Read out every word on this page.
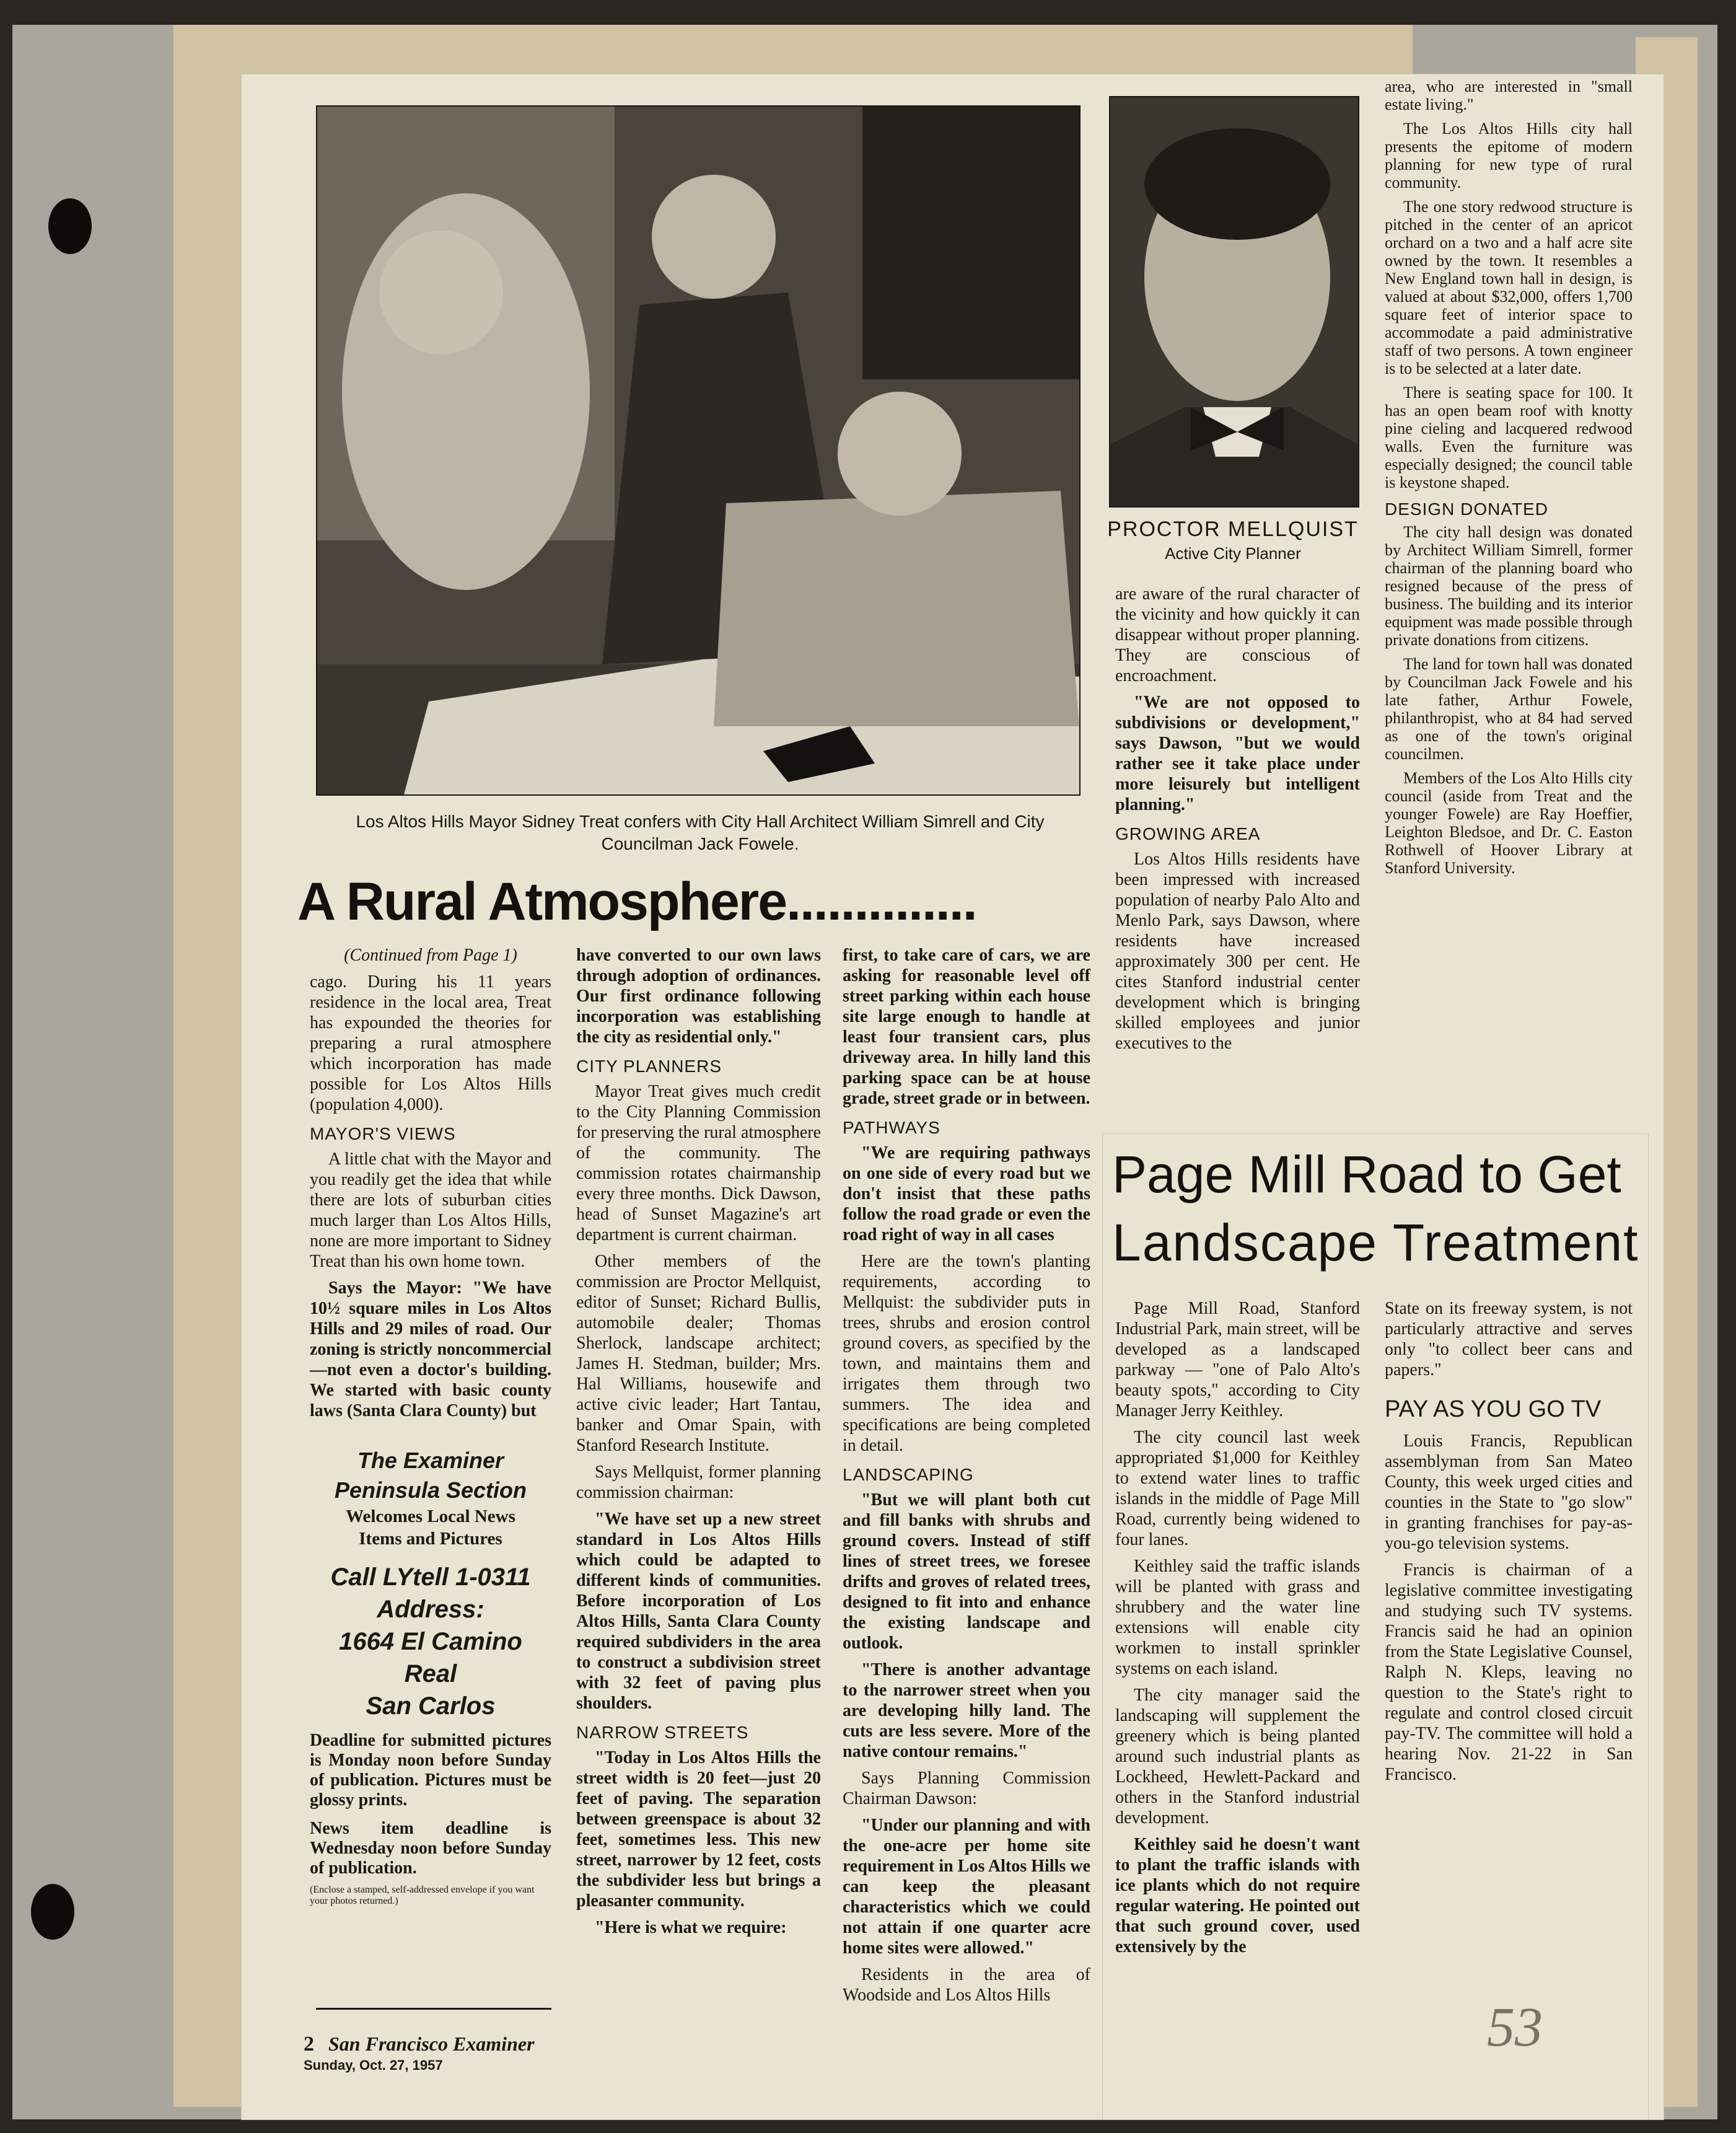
Los Altos Hills Mayor Sidney Treat confers with City Hall Architect William Simrell and City Councilman Jack Fowele.
PROCTOR MELLQUIST
Active City Planner
A Rural Atmosphere..............

(Continued from Page 1)

cago. During his 11 years residence in the local area, Treat has expounded the theories for preparing a rural atmosphere which incorporation has made possible for Los Altos Hills (population 4,000).

MAYOR'S VIEWS

A little chat with the Mayor and you readily get the idea that while there are lots of suburban cities much larger than Los Altos Hills, none are more important to Sidney Treat than his own home town.

Says the Mayor: "We have 10½ square miles in Los Altos Hills and 29 miles of road. Our zoning is strictly noncommercial—not even a doctor's building. We started with basic county laws (Santa Clara County) but

The Examiner
Peninsula Section
Welcomes Local News
Items and Pictures
Call LYtell 1-0311
Address:
1664 El Camino Real
San Carlos
Deadline for submitted pictures is Monday noon before Sunday of publication. Pictures must be glossy prints.
News item deadline is Wednesday noon before Sunday of publication.
(Enclose a stamped, self-addressed envelope if you want your photos returned.)
2 San Francisco Examiner
Sunday, Oct. 27, 1957

have converted to our own laws through adoption of ordinances. Our first ordinance following incorporation was establishing the city as residential only."

CITY PLANNERS

Mayor Treat gives much credit to the City Planning Commission for preserving the rural atmosphere of the community. The commission rotates chairmanship every three months. Dick Dawson, head of Sunset Magazine's art department is current chairman.

Other members of the commission are Proctor Mellquist, editor of Sunset; Richard Bullis, automobile dealer; Thomas Sherlock, landscape architect; James H. Stedman, builder; Mrs. Hal Williams, housewife and active civic leader; Hart Tantau, banker and Omar Spain, with Stanford Research Institute.

Says Mellquist, former planning commission chairman:

"We have set up a new street standard in Los Altos Hills which could be adapted to different kinds of communities. Before incorporation of Los Altos Hills, Santa Clara County required subdividers in the area to construct a subdivision street with 32 feet of paving plus shoulders.

NARROW STREETS

"Today in Los Altos Hills the street width is 20 feet—just 20 feet of paving. The separation between greenspace is about 32 feet, sometimes less. This new street, narrower by 12 feet, costs the subdivider less but brings a pleasanter community.

"Here is what we require:

first, to take care of cars, we are asking for reasonable level off street parking within each house site large enough to handle at least four transient cars, plus driveway area. In hilly land this parking space can be at house grade, street grade or in between.

PATHWAYS

"We are requiring pathways on one side of every road but we don't insist that these paths follow the road grade or even the road right of way in all cases

Here are the town's planting requirements, according to Mellquist: the subdivider puts in trees, shrubs and erosion control ground covers, as specified by the town, and maintains them and irrigates them through two summers. The idea and specifications are being completed in detail.

LANDSCAPING

"But we will plant both cut and fill banks with shrubs and ground covers. Instead of stiff lines of street trees, we foresee drifts and groves of related trees, designed to fit into and enhance the existing landscape and outlook.

"There is another advantage to the narrower street when you are developing hilly land. The cuts are less severe. More of the native contour remains."

Says Planning Commission Chairman Dawson:

"Under our planning and with the one-acre per home site requirement in Los Altos Hills we can keep the pleasant characteristics which we could not attain if one quarter acre home sites were allowed."

Residents in the area of Woodside and Los Altos Hills

are aware of the rural character of the vicinity and how quickly it can disappear without proper planning. They are conscious of encroachment.

"We are not opposed to subdivisions or development," says Dawson, "but we would rather see it take place under more leisurely but intelligent planning."

GROWING AREA

Los Altos Hills residents have been impressed with increased population of nearby Palo Alto and Menlo Park, says Dawson, where residents have increased approximately 300 per cent. He cites Stanford industrial center development which is bringing skilled employees and junior executives to the

area, who are interested in "small estate living."

The Los Altos Hills city hall presents the epitome of modern planning for new type of rural community.

The one story redwood structure is pitched in the center of an apricot orchard on a two and a half acre site owned by the town. It resembles a New England town hall in design, is valued at about $32,000, offers 1,700 square feet of interior space to accommodate a paid administrative staff of two persons. A town engineer is to be selected at a later date.

There is seating space for 100. It has an open beam roof with knotty pine cieling and lacquered redwood walls. Even the furniture was especially designed; the council table is keystone shaped.

DESIGN DONATED

The city hall design was donated by Architect William Simrell, former chairman of the planning board who resigned because of the press of business. The building and its interior equipment was made possible through private donations from citizens.

The land for town hall was donated by Councilman Jack Fowele and his late father, Arthur Fowele, philanthropist, who at 84 had served as one of the town's original councilmen.

Members of the Los Alto Hills city council (aside from Treat and the younger Fowele) are Ray Hoeffier, Leighton Bledsoe, and Dr. C. Easton Rothwell of Hoover Library at Stanford University.

Page Mill Road to Get
Landscape Treatment

Page Mill Road, Stanford Industrial Park, main street, will be developed as a landscaped parkway — "one of Palo Alto's beauty spots," according to City Manager Jerry Keithley.

The city council last week appropriated $1,000 for Keithley to extend water lines to traffic islands in the middle of Page Mill Road, currently being widened to four lanes.

Keithley said the traffic islands will be planted with grass and shrubbery and the water line extensions will enable city workmen to install sprinkler systems on each island.

The city manager said the landscaping will supplement the greenery which is being planted around such industrial plants as Lockheed, Hewlett-Packard and others in the Stanford industrial development.

Keithley said he doesn't want to plant the traffic islands with ice plants which do not require regular watering. He pointed out that such ground cover, used extensively by the

State on its freeway system, is not particularly attractive and serves only "to collect beer cans and papers."

PAY AS YOU GO TV

Louis Francis, Republican assemblyman from San Mateo County, this week urged cities and counties in the State to "go slow" in granting franchises for pay-as-you-go television systems.

Francis is chairman of a legislative committee investigating and studying such TV systems. Francis said he had an opinion from the State Legislative Counsel, Ralph N. Kleps, leaving no question to the State's right to regulate and control closed circuit pay-TV. The committee will hold a hearing Nov. 21-22 in San Francisco.

53
